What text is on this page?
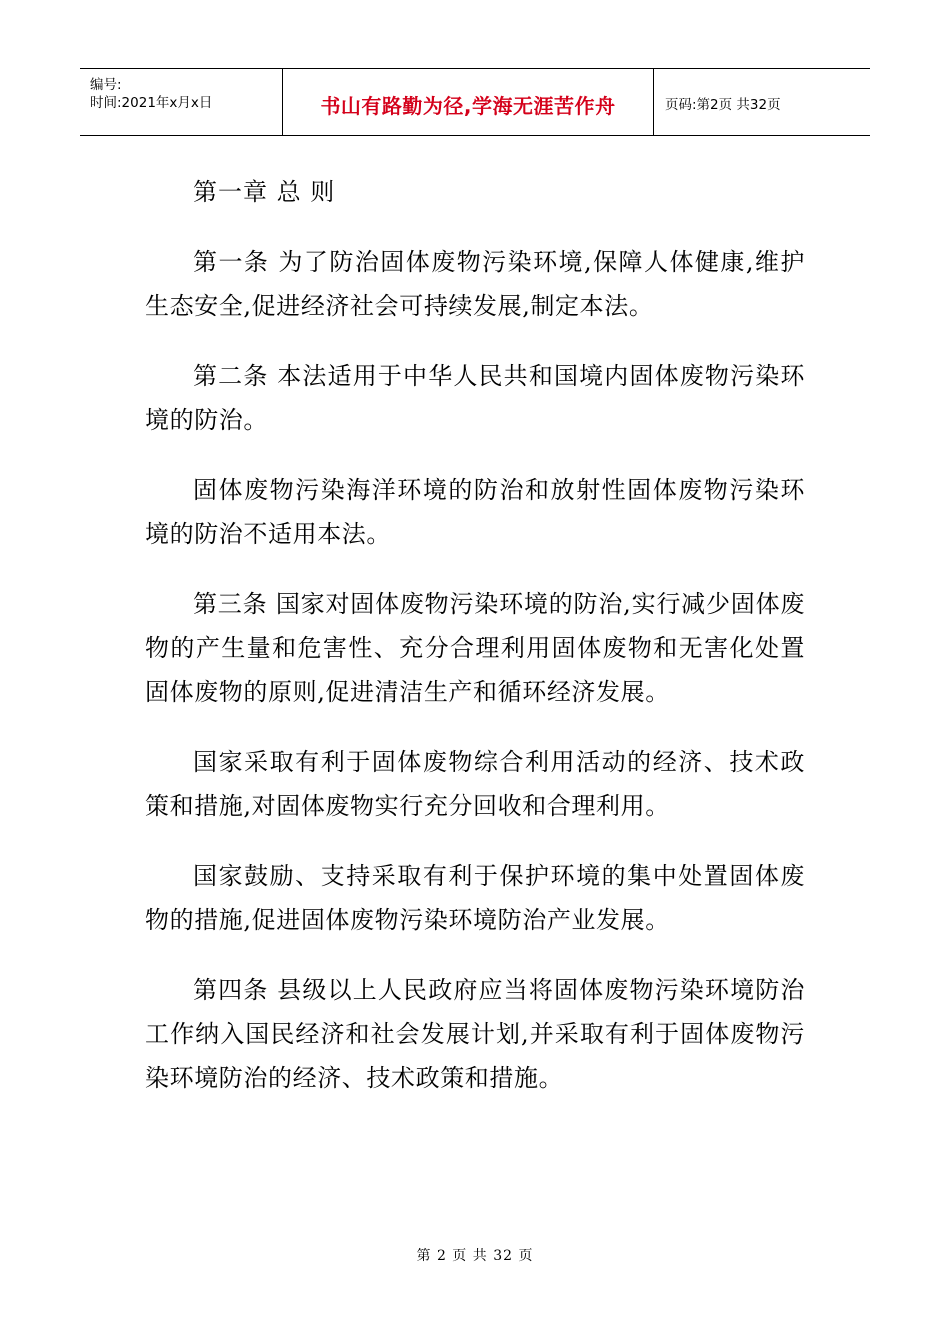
编号:
时间:2021年x月x日	书山有路勤为径,学海无涯苦作舟	页码:第2页 共32页

第一章 总 则

第一条 为了防治固体废物污染环境,保障人体健康,维护生态安全,促进经济社会可持续发展,制定本法。

第二条 本法适用于中华人民共和国境内固体废物污染环境的防治。

固体废物污染海洋环境的防治和放射性固体废物污染环境的防治不适用本法。

第三条 国家对固体废物污染环境的防治,实行减少固体废物的产生量和危害性、充分合理利用固体废物和无害化处置固体废物的原则,促进清洁生产和循环经济发展。

国家采取有利于固体废物综合利用活动的经济、技术政策和措施,对固体废物实行充分回收和合理利用。

国家鼓励、支持采取有利于保护环境的集中处置固体废物的措施,促进固体废物污染环境防治产业发展。

第四条 县级以上人民政府应当将固体废物污染环境防治工作纳入国民经济和社会发展计划,并采取有利于固体废物污染环境防治的经济、技术政策和措施。

第 2 页 共 32 页
